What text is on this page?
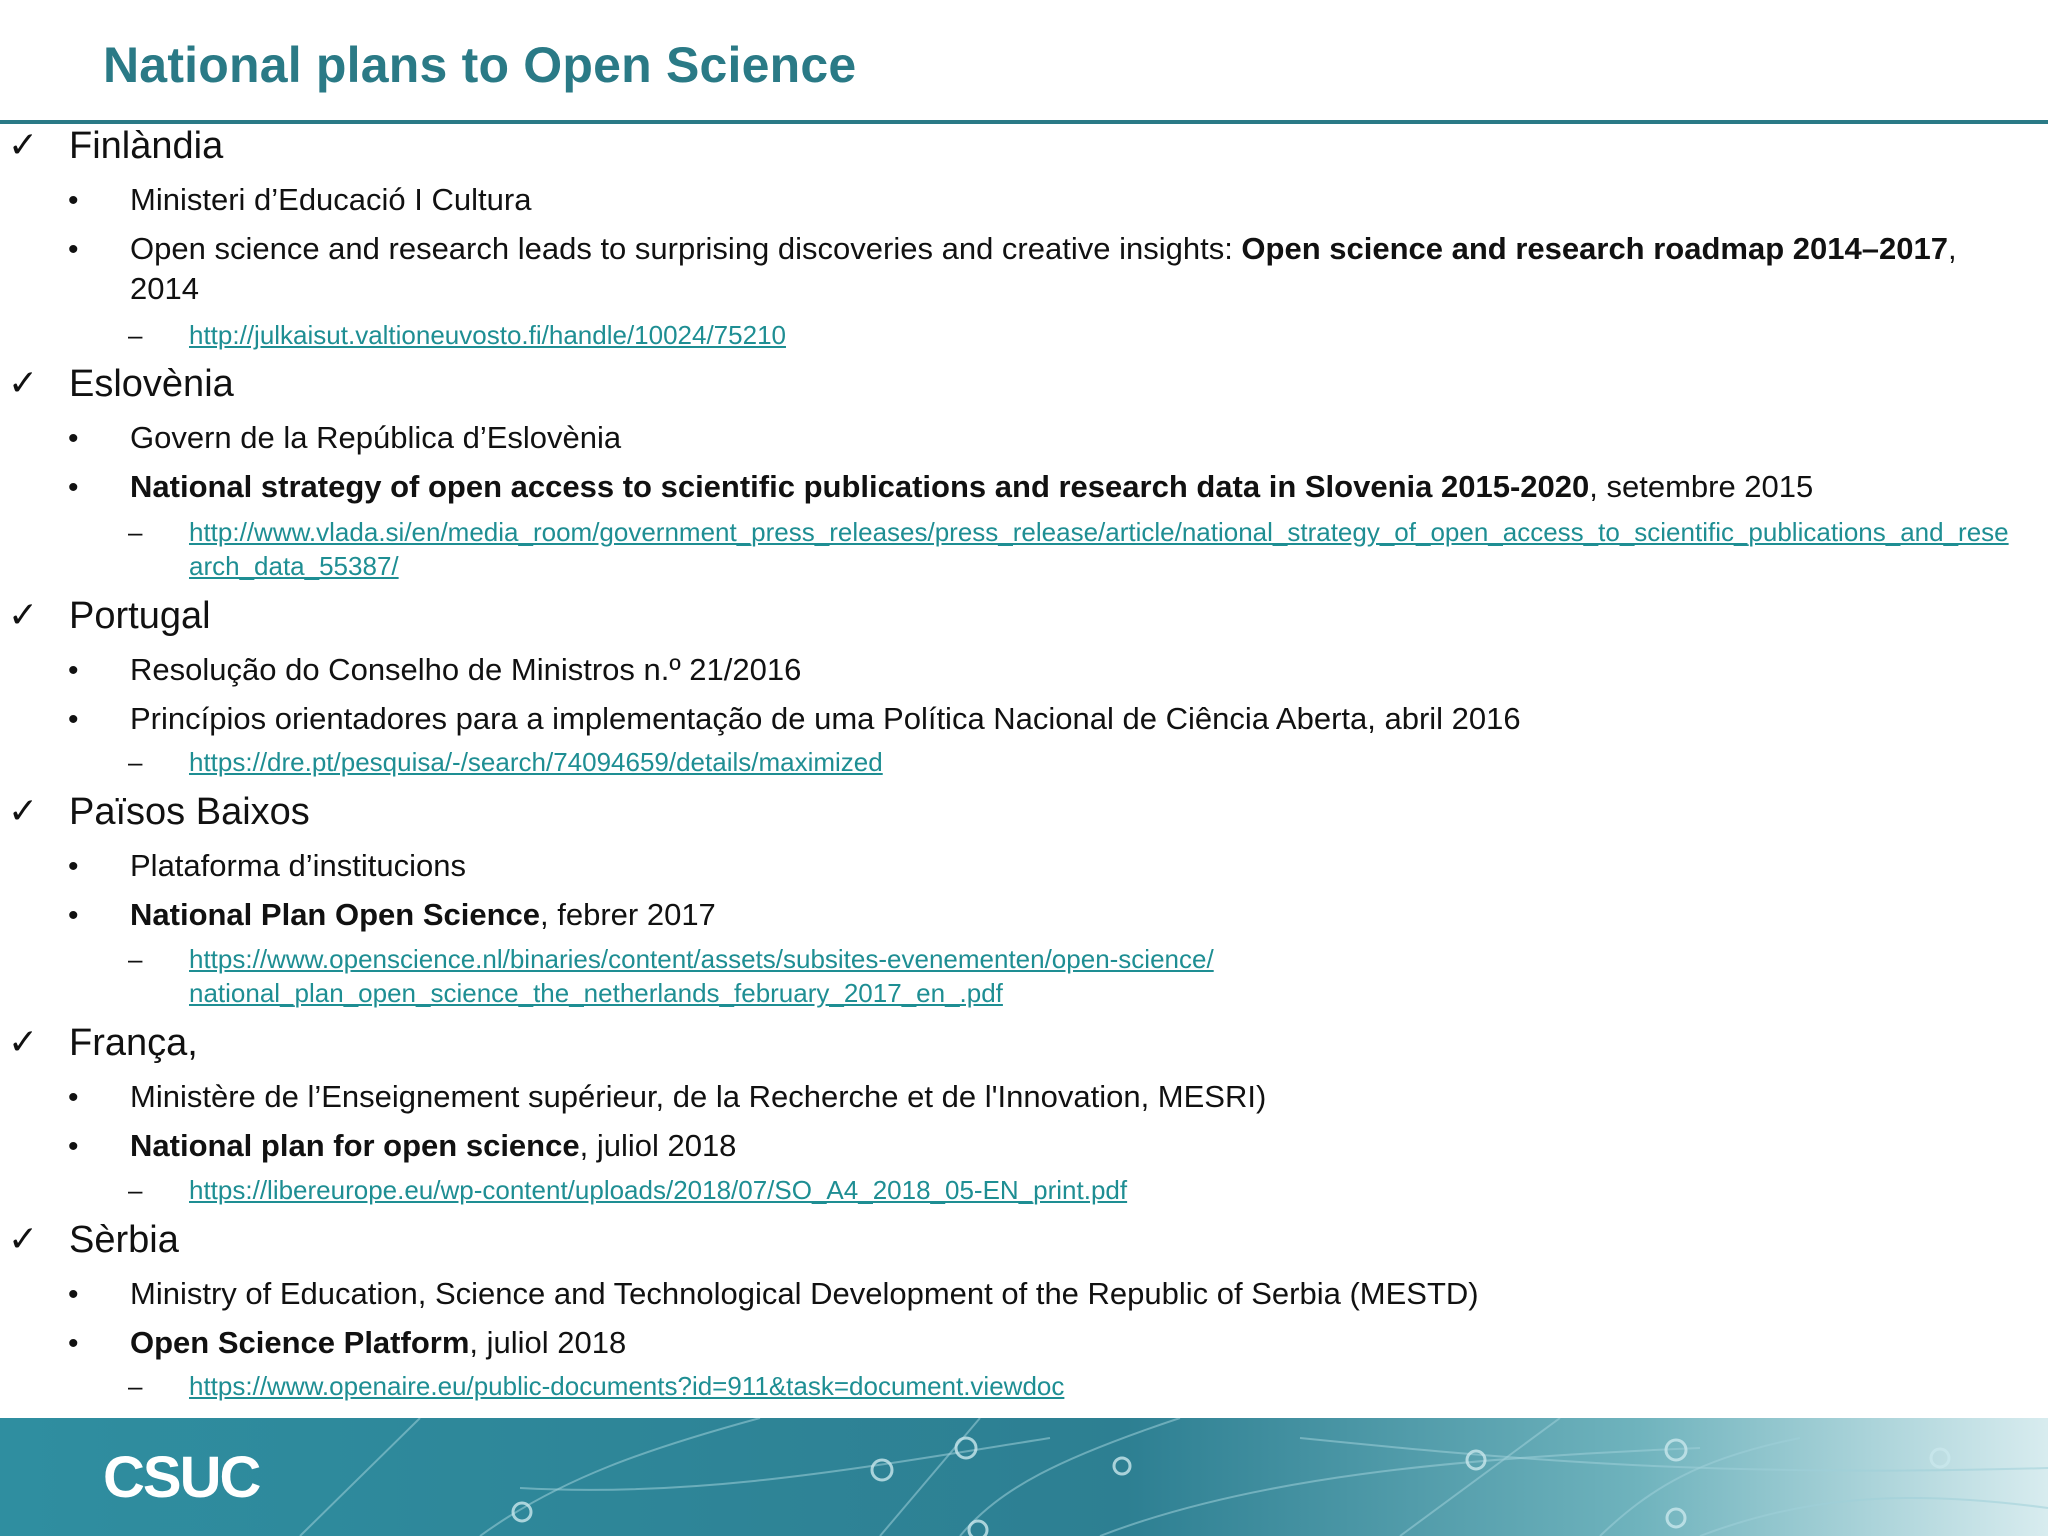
National plans to Open Science
✓ Finlàndia
• Ministeri d’Educació I Cultura
• Open science and research leads to surprising discoveries and creative insights: Open science and research roadmap 2014–2017, 2014
– http://julkaisut.valtioneuvosto.fi/handle/10024/75210
✓ Eslovènia
• Govern de la República d’Eslovènia
• National strategy of open access to scientific publications and research data in Slovenia 2015-2020, setembre 2015
– http://www.vlada.si/en/media_room/government_press_releases/press_release/article/national_strategy_of_open_access_to_scientific_publications_and_research_data_55387/
✓ Portugal
• Resolução do Conselho de Ministros n.º 21/2016
• Princípios orientadores para a implementação de uma Política Nacional de Ciência Aberta, abril 2016
– https://dre.pt/pesquisa/-/search/74094659/details/maximized
✓ Països Baixos
• Plataforma d’institucions
• National Plan Open Science, febrer 2017
– https://www.openscience.nl/binaries/content/assets/subsites-evenementen/open-science/national_plan_open_science_the_netherlands_february_2017_en_.pdf
✓ França,
• Ministère de l’Enseignement supérieur, de la Recherche et de l'Innovation, MESRI)
• National plan for open science, juliol 2018
– https://libereurope.eu/wp-content/uploads/2018/07/SO_A4_2018_05-EN_print.pdf
✓ Sèrbia
• Ministry of Education, Science and Technological Development of the Republic of Serbia (MESTD)
• Open Science Platform, juliol 2018
– https://www.openaire.eu/public-documents?id=911&task=document.viewdoc
CSUC
